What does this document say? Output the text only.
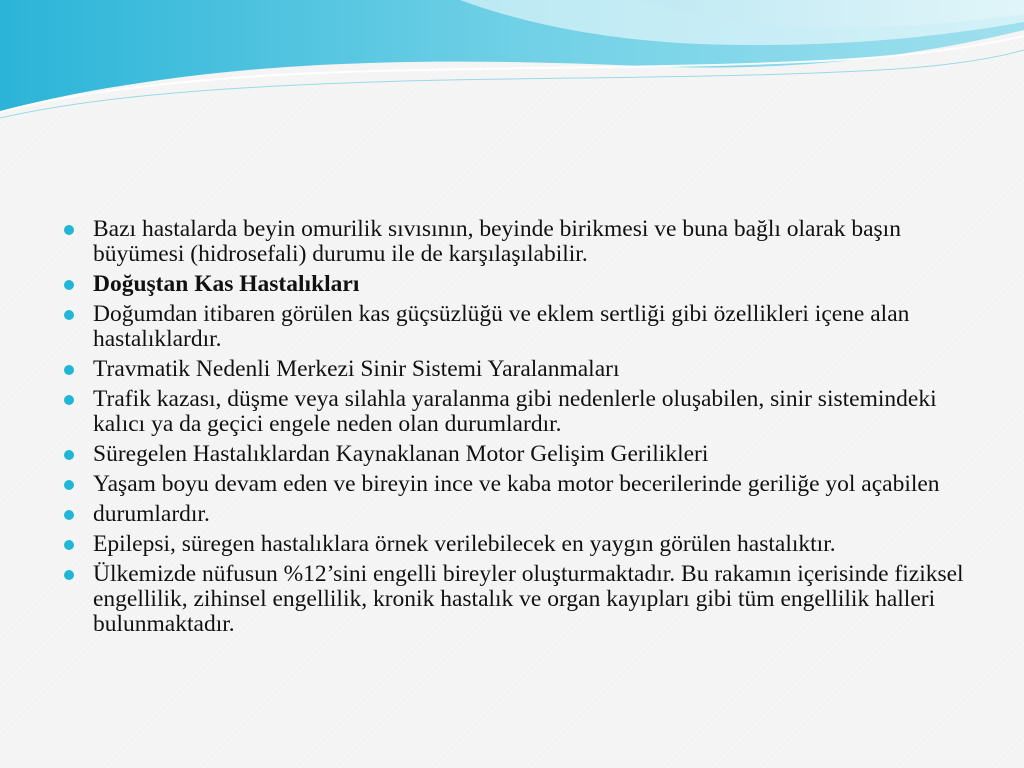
Bazı hastalarda beyin omurilik sıvısının, beyinde birikmesi ve buna bağlı olarak başın büyümesi (hidrosefali) durumu ile de karşılaşılabilir.
Doğuştan Kas Hastalıkları
Doğumdan itibaren görülen kas güçsüzlüğü ve eklem sertliği gibi özellikleri içene alan hastalıklardır.
Travmatik Nedenli Merkezi Sinir Sistemi Yaralanmaları
Trafik kazası, düşme veya silahla yaralanma gibi nedenlerle oluşabilen, sinir sistemindeki kalıcı ya da geçici engele neden olan durumlardır.
Süregelen Hastalıklardan Kaynaklanan Motor Gelişim Gerilikleri
Yaşam boyu devam eden ve bireyin ince ve kaba motor becerilerinde geriliğe yol açabilen
durumlardır.
Epilepsi, süregen hastalıklara örnek verilebilecek en yaygın görülen hastalıktır.
Ülkemizde nüfusun %12’sini engelli bireyler oluşturmaktadır. Bu rakamın içerisinde fiziksel engellilik, zihinsel engellilik, kronik hastalık ve organ kayıpları gibi tüm engellilik halleri bulunmaktadır.
